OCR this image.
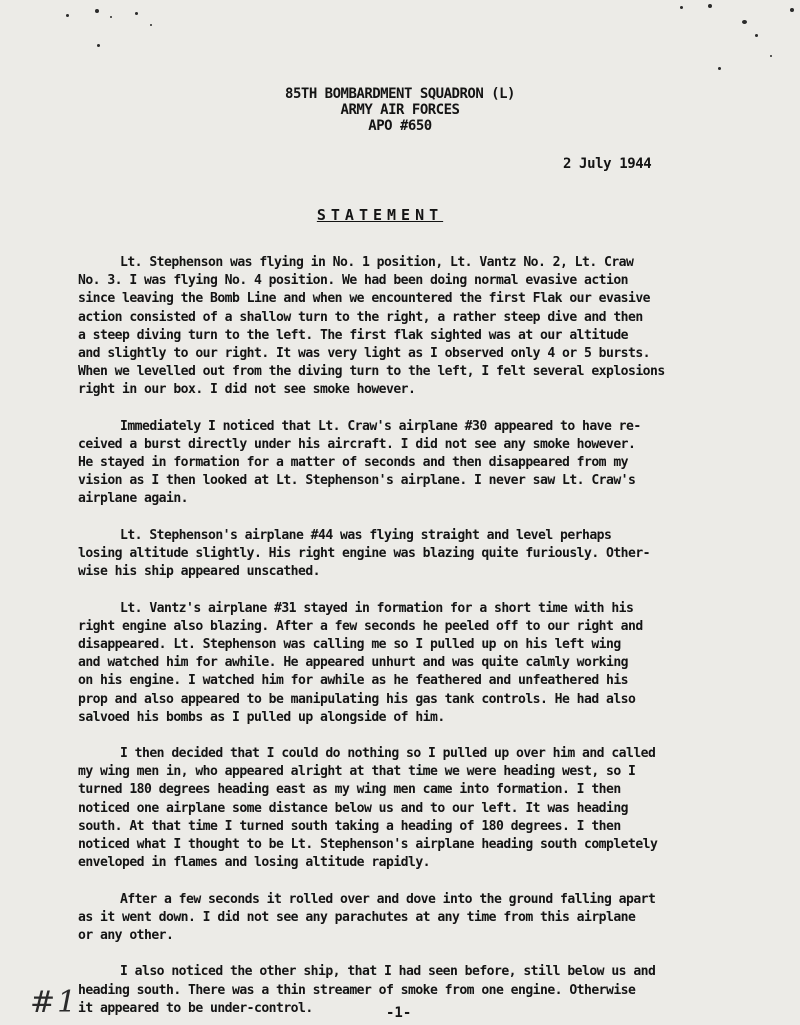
85TH BOMBARDMENT SQUADRON (L)
ARMY AIR FORCES
APO #650
2 July 1944
STATEMENT

Lt. Stephenson was flying in No. 1 position, Lt. Vantz No. 2, Lt. Craw
No. 3. I was flying No. 4 position. We had been doing normal evasive action
since leaving the Bomb Line and when we encountered the first Flak our evasive
action consisted of a shallow turn to the right, a rather steep dive and then
a steep diving turn to the left. The first flak sighted was at our altitude
and slightly to our right. It was very light as I observed only 4 or 5 bursts.
When we levelled out from the diving turn to the left, I felt several explosions
right in our box. I did not see smoke however.

Immediately I noticed that Lt. Craw's airplane #30 appeared to have re-
ceived a burst directly under his aircraft. I did not see any smoke however.
He stayed in formation for a matter of seconds and then disappeared from my
vision as I then looked at Lt. Stephenson's airplane. I never saw Lt. Craw's
airplane again.

Lt. Stephenson's airplane #44 was flying straight and level perhaps
losing altitude slightly. His right engine was blazing quite furiously. Other-
wise his ship appeared unscathed.

Lt. Vantz's airplane #31 stayed in formation for a short time with his
right engine also blazing. After a few seconds he peeled off to our right and
disappeared. Lt. Stephenson was calling me so I pulled up on his left wing
and watched him for awhile. He appeared unhurt and was quite calmly working
on his engine. I watched him for awhile as he feathered and unfeathered his
prop and also appeared to be manipulating his gas tank controls. He had also
salvoed his bombs as I pulled up alongside of him.

I then decided that I could do nothing so I pulled up over him and called
my wing men in, who appeared alright at that time we were heading west, so I
turned 180 degrees heading east as my wing men came into formation. I then
noticed one airplane some distance below us and to our left. It was heading
south. At that time I turned south taking a heading of 180 degrees. I then
noticed what I thought to be Lt. Stephenson's airplane heading south completely
enveloped in flames and losing altitude rapidly.

After a few seconds it rolled over and dove into the ground falling apart
as it went down. I did not see any parachutes at any time from this airplane
or any other.

I also noticed the other ship, that I had seen before, still below us and
heading south. There was a thin streamer of smoke from one engine. Otherwise
it appeared to be under-control.

#1	-1-
